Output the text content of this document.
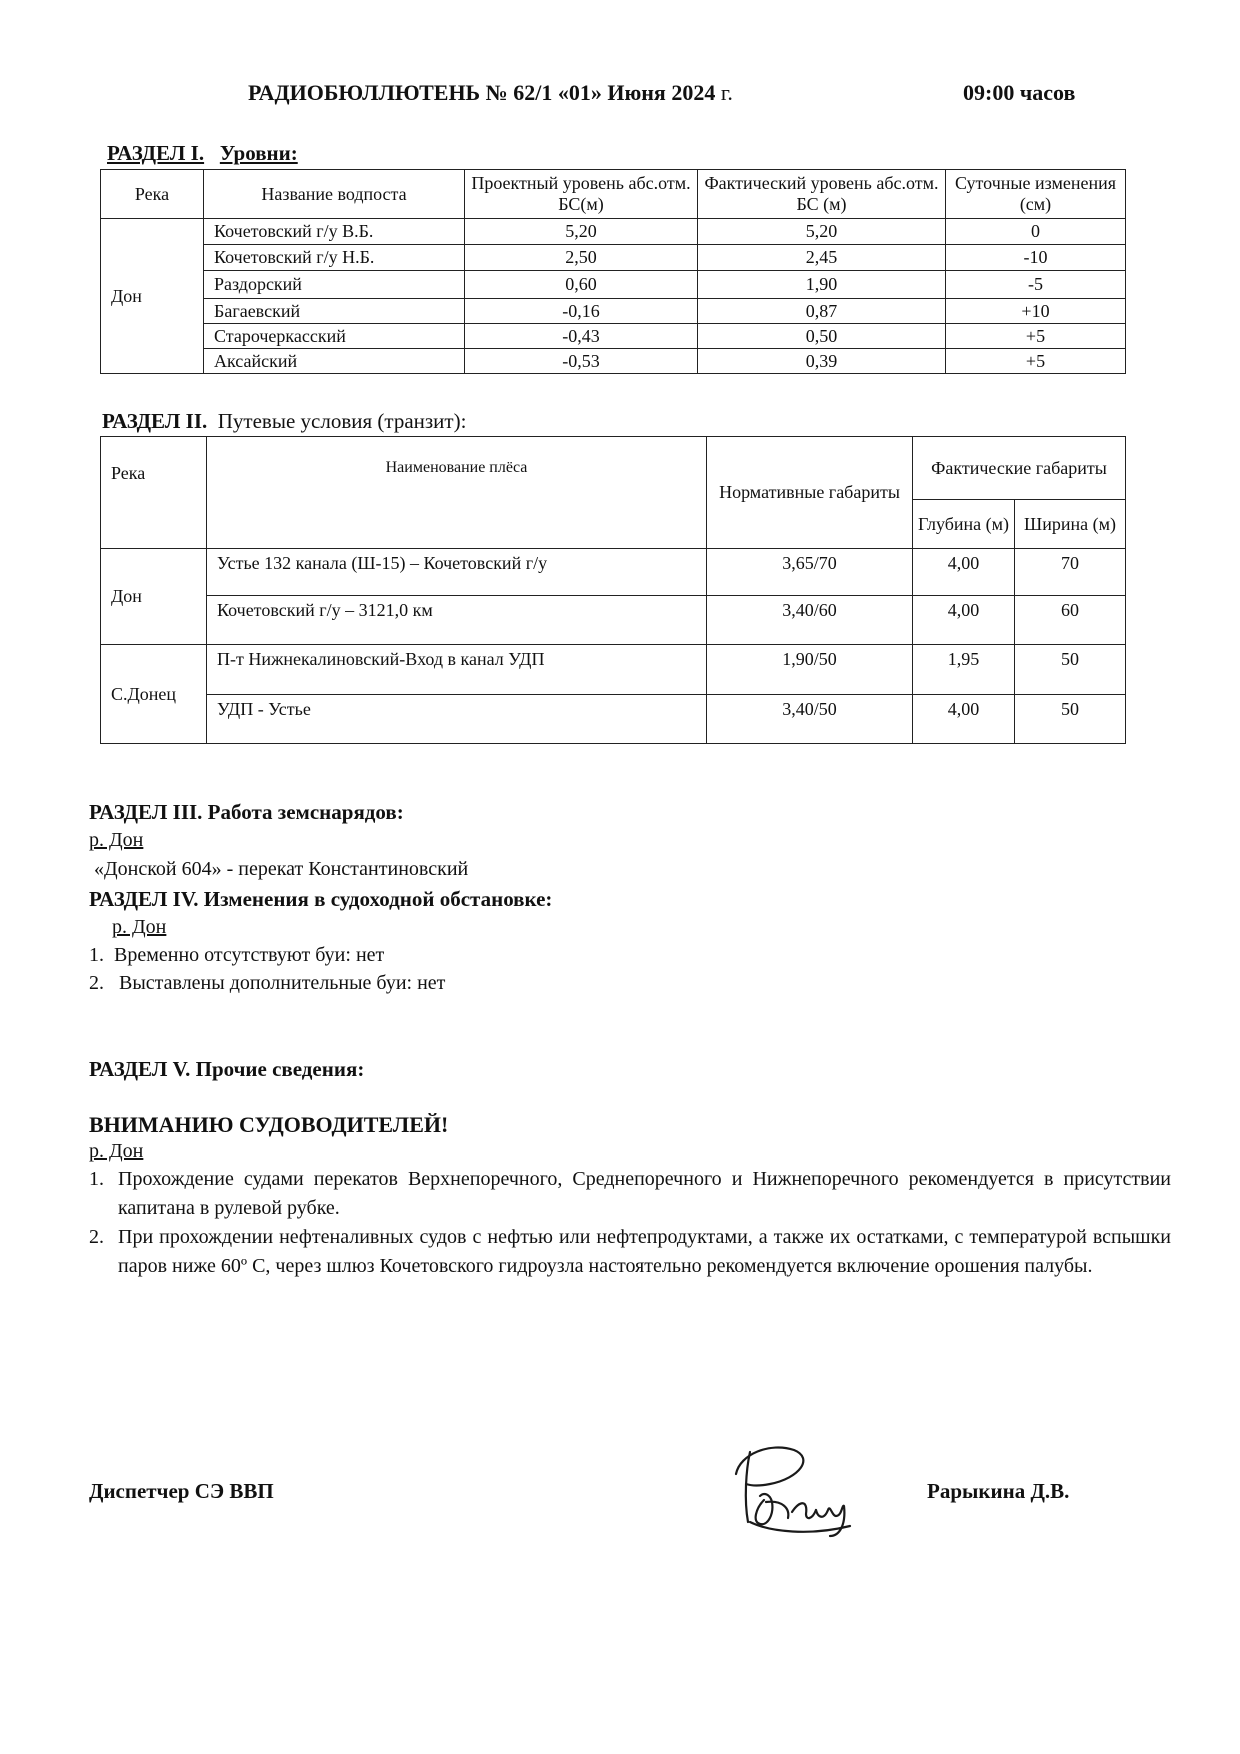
РАДИОБЮЛЛЮТЕНЬ № 62/1 «01» Июня 2024 г.	09:00 часов
РАЗДЕЛ I. Уровни:
Река	Название водпоста	Проектный уровень абс.отм. БС(м)	Фактический уровень абс.отм. БС (м)	Суточные изменения (см)
Дон	Кочетовский г/у В.Б.	5,20	5,20	0
	Кочетовский г/у Н.Б.	2,50	2,45	-10
	Раздорский	0,60	1,90	-5
	Багаевский	-0,16	0,87	+10
	Старочеркасский	-0,43	0,50	+5
	Аксайский	-0,53	0,39	+5
РАЗДЕЛ II. Путевые условия (транзит):
Река	Наименование плёса	Нормативные габариты	Фактические габариты	
			Глубина (м)	Ширина (м)
Дон	Устье 132 канала (Ш-15) – Кочетовский г/у	3,65/70	4,00	70
	Кочетовский г/у – 3121,0 км	3,40/60	4,00	60
С.Донец	П-т Нижнекалиновский-Вход в канал УДП	1,90/50	1,95	50
	УДП - Устье	3,40/50	4,00	50
РАЗДЕЛ III. Работа земснарядов:
р. Дон
«Донской 604» - перекат Константиновский
РАЗДЕЛ IV. Изменения в судоходной обстановке:
р. Дон
1. Временно отсутствуют буи: нет
2. Выставлены дополнительные буи: нет
РАЗДЕЛ V. Прочие сведения:
ВНИМАНИЮ СУДОВОДИТЕЛЕЙ!
р. Дон
1. Прохождение судами перекатов Верхнепоречного, Среднепоречного и Нижнепоречного рекомендуется в присутствии капитана в рулевой рубке.
2. При прохождении нефтеналивных судов с нефтью или нефтепродуктами, а также их остатками, с температурой вспышки паров ниже 60º С, через шлюз Кочетовского гидроузла настоятельно рекомендуется включение орошения палубы.
Диспетчер СЭ ВВП	Рарыкина Д.В.
